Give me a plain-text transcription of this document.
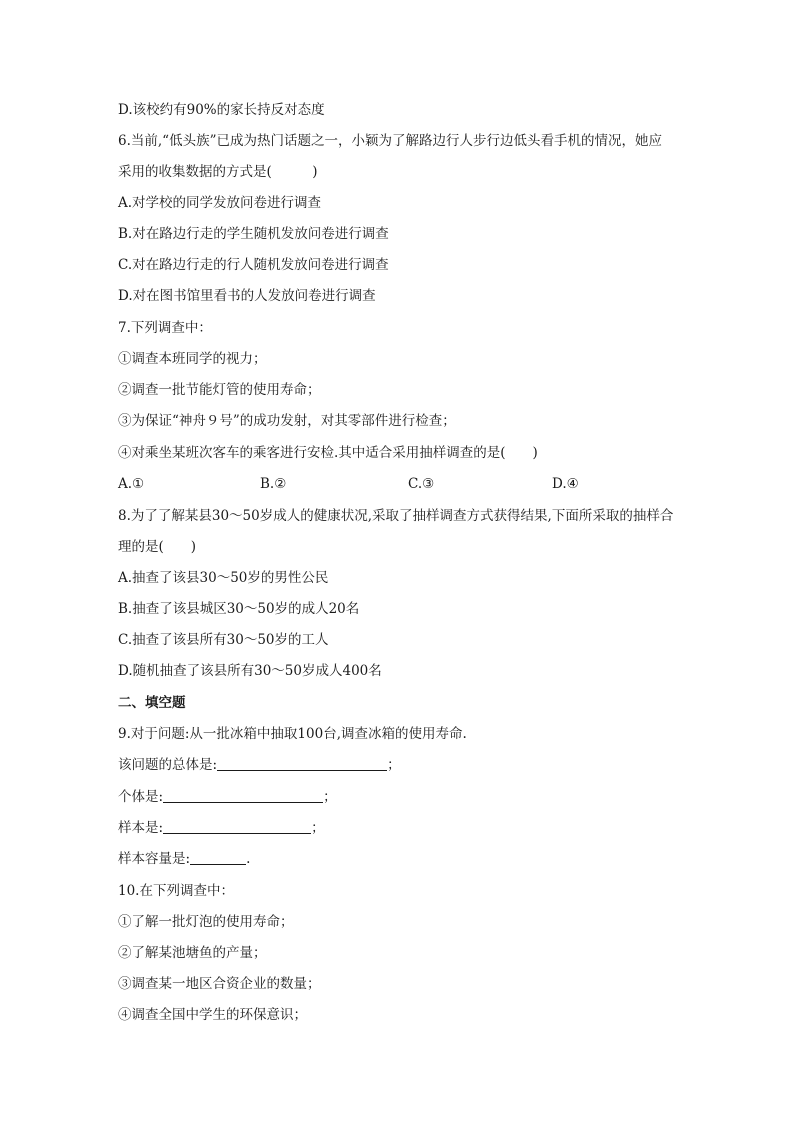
D.该校约有90%的家长持反对态度
6.当前,“低头族”已成为热门话题之一，小颖为了解路边行人步行边低头看手机的情况，她应
采用的收集数据的方式是(　　　)
A.对学校的同学发放问卷进行调查
B.对在路边行走的学生随机发放问卷进行调查
C.对在路边行走的行人随机发放问卷进行调查
D.对在图书馆里看书的人发放问卷进行调查
7.下列调查中：
①调查本班同学的视力；
②调查一批节能灯管的使用寿命；
③为保证“神舟９号”的成功发射，对其零部件进行检查；
④对乘坐某班次客车的乘客进行安检.其中适合采用抽样调查的是(　　)
A.①	B.②	C.③	D.④
8.为了了解某县30～50岁成人的健康状况,采取了抽样调查方式获得结果,下面所采取的抽样合
理的是(　　)
A.抽查了该县30～50岁的男性公民
B.抽查了该县城区30～50岁的成人20名
C.抽查了该县所有30～50岁的工人
D.随机抽查了该县所有30～50岁成人400名
二、填空题
9.对于问题:从一批冰箱中抽取100台,调查冰箱的使用寿命.
该问题的总体是:	；
个体是:	；
样本是:	；
样本容量是:	.
10.在下列调查中：
①了解一批灯泡的使用寿命；
②了解某池塘鱼的产量；
③调查某一地区合资企业的数量；
④调查全国中学生的环保意识；
